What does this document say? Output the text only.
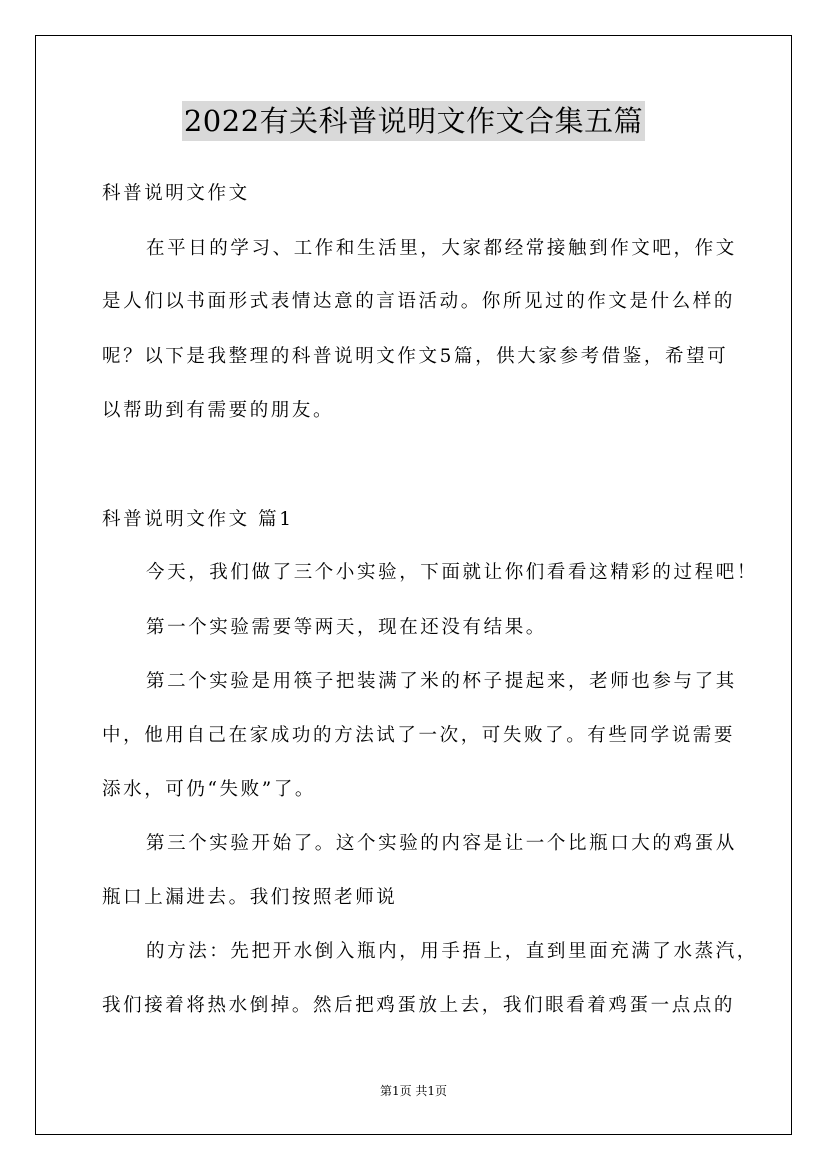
2022有关科普说明文作文合集五篇
科普说明文作文
在平日的学习、工作和生活里，大家都经常接触到作文吧，作文
是人们以书面形式表情达意的言语活动。你所见过的作文是什么样的
呢？以下是我整理的科普说明文作文5篇，供大家参考借鉴，希望可
以帮助到有需要的朋友。
科普说明文作文 篇1
今天，我们做了三个小实验，下面就让你们看看这精彩的过程吧！
第一个实验需要等两天，现在还没有结果。
第二个实验是用筷子把装满了米的杯子提起来，老师也参与了其
中，他用自己在家成功的方法试了一次，可失败了。有些同学说需要
添水，可仍“失败”了。
第三个实验开始了。这个实验的内容是让一个比瓶口大的鸡蛋从
瓶口上漏进去。我们按照老师说
的方法：先把开水倒入瓶内，用手捂上，直到里面充满了水蒸汽，
我们接着将热水倒掉。然后把鸡蛋放上去，我们眼看着鸡蛋一点点的
第1页 共1页
